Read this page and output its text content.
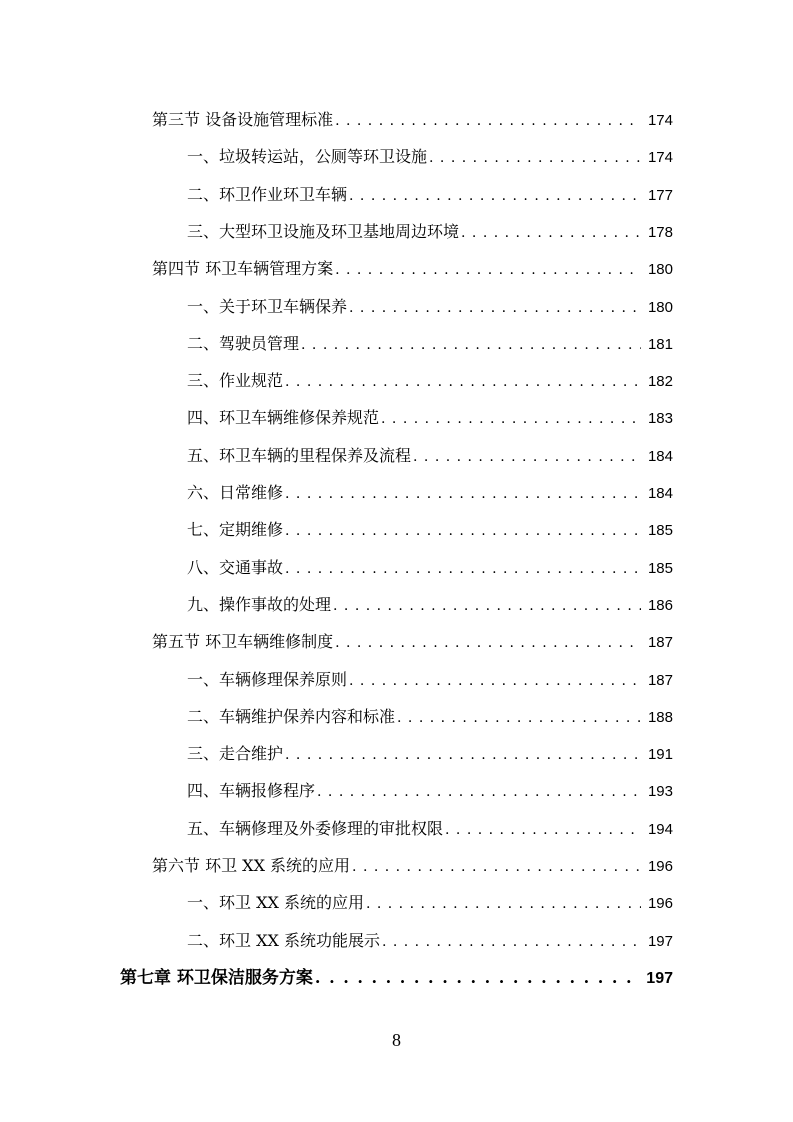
第三节 设备设施管理标准 . . .	174
一、垃圾转运站，公厕等环卫设施 . . .	174
二、环卫作业环卫车辆 . . .	177
三、大型环卫设施及环卫基地周边环境 . . .	178
第四节 环卫车辆管理方案 . . .	180
一、关于环卫车辆保养 . . .	180
二、驾驶员管理 . . .	181
三、作业规范 . . .	182
四、环卫车辆维修保养规范 . . .	183
五、环卫车辆的里程保养及流程 . . .	184
六、日常维修 . . .	184
七、定期维修 . . .	185
八、交通事故 . . .	185
九、操作事故的处理 . . .	186
第五节 环卫车辆维修制度 . . .	187
一、车辆修理保养原则 . . .	187
二、车辆维护保养内容和标准 . . .	188
三、走合维护 . . .	191
四、车辆报修程序 . . .	193
五、车辆修理及外委修理的审批权限 . . .	194
第六节 环卫 XX 系统的应用 . . .	196
一、环卫 XX 系统的应用 . . .	196
二、环卫 XX 系统功能展示 . . .	197
第七章 环卫保洁服务方案 . . .	197
8
